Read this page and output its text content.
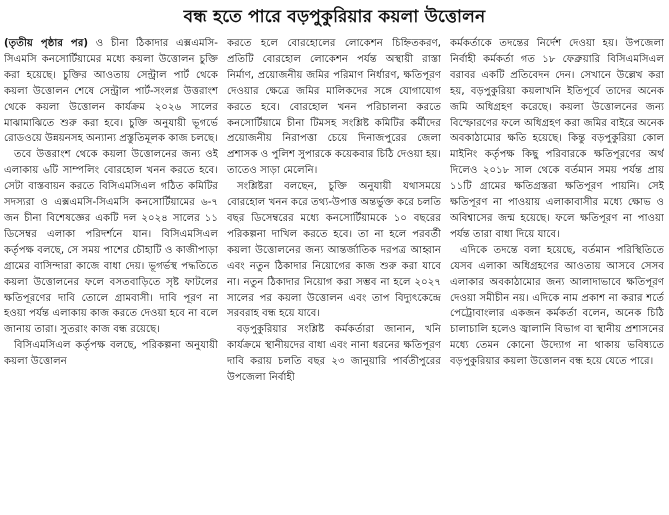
বন্ধ হতে পারে বড়পুকুরিয়ার কয়লা উত্তোলন

(তৃতীয় পৃষ্ঠার পর) ও চীনা ঠিকাদার এক্সএমসি-সিএমসি কনসোর্টিয়ামের মধ্যে কয়লা উত্তোলন চুক্তি করা হয়েছে। চুক্তির আওতায় সেন্ট্রাল পার্ট থেকে কয়লা উত্তোলন শেষে সেন্ট্রাল পার্ট-সংলগ্ন উত্তরাংশ থেকে কয়লা উত্তোলন কার্যক্রম ২০২৬ সালের মাঝামাঝিতে শুরু করা হবে। চুক্তি অনুযায়ী ভূগর্ভে রোডওয়ে উন্নয়নসহ অন্যান্য প্রস্তুতিমূলক কাজ চলছে।

তবে উত্তরাংশ থেকে কয়লা উত্তোলনের জন্য ওই এলাকায় ৬টি সাম্পলিং বোরহোল খনন করতে হবে। সেটা বাস্তবায়ন করতে বিসিএমসিএল গঠিত কমিটির সদস্যরা ও এক্সএমসি-সিএমসি কনসোর্টিয়ামের ৬-৭ জন চীনা বিশেষজ্ঞের একটি দল ২০২৪ সালের ১১ ডিসেম্বর এলাকা পরিদর্শনে যান। বিসিএমসিএল কর্তৃপক্ষ বলছে, সে সময় পাশের চৌহাটি ও কাজীপাড়া গ্রামের বাসিন্দারা কাজে বাধা দেয়। ভূগর্ভস্থ পদ্ধতিতে কয়লা উত্তোলনের ফলে বসতবাড়িতে সৃষ্ট ফাটলের ক্ষতিপূরণের দাবি তোলে গ্রামবাসী। দাবি পূরণ না হওয়া পর্যন্ত এলাকায় কাজ করতে দেওয়া হবে না বলে জানায় তারা। সুতরাং কাজ বন্ধ রয়েছে।

বিসিএমসিএল কর্তৃপক্ষ বলছে, পরিকল্পনা অনুযায়ী কয়লা উত্তোলন

করতে হলে বোরহোলের লোকেশন চিহ্নিতকরণ, প্রতিটি বোরহোল লোকেশন পর্যন্ত অস্থায়ী রাস্তা নির্মাণ, প্রয়োজনীয় জমির পরিমাণ নির্ধারণ, ক্ষতিপূরণ দেওয়ার ক্ষেত্রে জমির মালিকদের সঙ্গে যোগাযোগ করতে হবে। বোরহোল খনন পরিচালনা করতে কনসোর্টিয়ামে চীনা টিমসহ সংশ্লিষ্ট কমিটির কর্মীদের প্রয়োজনীয় নিরাপত্তা চেয়ে দিনাজপুরের জেলা প্রশাসক ও পুলিশ সুপারকে কয়েকবার চিঠি দেওয়া হয়। তাতেও সাড়া মেলেনি।

সংশ্লিষ্টরা বলছেন, চুক্তি অনুযায়ী যথাসময়ে বোরহোল খনন করে তথ্য-উপাত্ত অন্তর্ভুক্ত করে চলতি বছর ডিসেম্বরের মধ্যে কনসোর্টিয়ামকে ১০ বছরের পরিকল্পনা দাখিল করতে হবে। তা না হলে পরবর্তী কয়লা উত্তোলনের জন্য আন্তর্জাতিক দরপত্র আহ্বান এবং নতুন ঠিকাদার নিয়োগের কাজ শুরু করা যাবে না। নতুন ঠিকাদার নিয়োগ করা সম্ভব না হলে ২০২৭ সালের পর কয়লা উত্তোলন এবং তাপ বিদ্যুৎকেন্দ্রে সরবরাহ বন্ধ হয়ে যাবে।

বড়পুকুরিয়ার সংশ্লিষ্ট কর্মকর্তারা জানান, খনি কার্যক্রমে স্থানীয়দের বাধা এবং নানা ধরনের ক্ষতিপূরণ দাবি করায় চলতি বছর ২৩ জানুয়ারি পার্বতীপুরের উপজেলা নির্বাহী

কর্মকর্তাকে তদন্তের নির্দেশ দেওয়া হয়। উপজেলা নির্বাহী কর্মকর্তা গত ১৮ ফেব্রুয়ারি বিসিএমসিএল বরাবর একটি প্রতিবেদন দেন। সেখানে উল্লেখ করা হয়, বড়পুকুরিয়া কয়লাখনি ইতিপূর্বে তাদের অনেক জমি অধিগ্রহণ করেছে। কয়লা উত্তোলনের জন্য বিস্ফোরণের ফলে অধিগ্রহণ করা জমির বাইরে অনেক অবকাঠামোর ক্ষতি হয়েছে। কিন্তু বড়পুকুরিয়া কোল মাইনিং কর্তৃপক্ষ কিছু পরিবারকে ক্ষতিপূরণের অর্থ দিলেও ২০১৮ সাল থেকে বর্তমান সময় পর্যন্ত প্রায় ১১টি গ্রামের ক্ষতিগ্রস্তরা ক্ষতিপূরণ পায়নি। সেই ক্ষতিপূরণ না পাওয়ায় এলাকাবাসীর মধ্যে ক্ষোভ ও অবিশ্বাসের জন্ম হয়েছে। ফলে ক্ষতিপূরণ না পাওয়া পর্যন্ত তারা বাধা দিয়ে যাবে।

এদিকে তদন্তে বলা হয়েছে, বর্তমান পরিস্থিতিতে যেসব এলাকা অধিগ্রহণের আওতায় আসবে সেসব এলাকার অবকাঠামোর জন্য আলাদাভাবে ক্ষতিপূরণ দেওয়া সমীচীন নয়। এদিকে নাম প্রকাশ না করার শর্তে পেট্রোবাংলার একজন কর্মকর্তা বলেন, অনেক চিঠি চালাচালি হলেও জ্বালানি বিভাগ বা স্থানীয় প্রশাসনের মধ্যে তেমন কোনো উদ্যোগ না থাকায় ভবিষ্যতে বড়পুকুরিয়ার কয়লা উত্তোলন বন্ধ হয়ে যেতে পারে।
